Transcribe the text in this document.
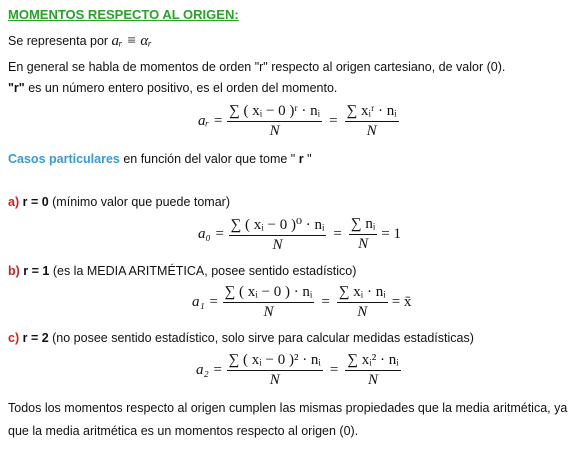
MOMENTOS RESPECTO AL ORIGEN:
Se representa por aᵣ ≡ αᵣ
En general se habla de momentos de orden "r" respecto al origen cartesiano, de valor (0).
"r" es un número entero positivo, es el orden del momento.
aᵣ = $\frac{\text{∑ ( xᵢ − 0 )ʳ · nᵢ}}{N} = \frac{\text{∑ xᵢʳ · nᵢ}}{N}$
Casos particulares en función del valor que tome " r "
a) r = 0 (mínimo valor que puede tomar)
$a_0 = \frac{\text{∑ ( xᵢ − 0 )⁰ · nᵢ}}{N} = \frac{\text{∑ nᵢ}}{N} = 1$
b) r = 1 (es la MEDIA ARITMÉTICA, posee sentido estadístico)
$a_1 = \frac{\text{∑ ( xᵢ − 0 ) · nᵢ}}{N} = \frac{\text{∑ xᵢ · nᵢ}}{N}$ = x̄
c) r = 2 (no posee sentido estadístico, solo sirve para calcular medidas estadísticas)
$a_2 = \frac{\text{∑ ( xᵢ − 0 )² · nᵢ}}{N} = \frac{\text{∑ xᵢ² · nᵢ}}{N}$
Todos los momentos respecto al origen cumplen las mismas propiedades que la media aritmética, ya
que la media aritmética es un momentos respecto al origen (0).
